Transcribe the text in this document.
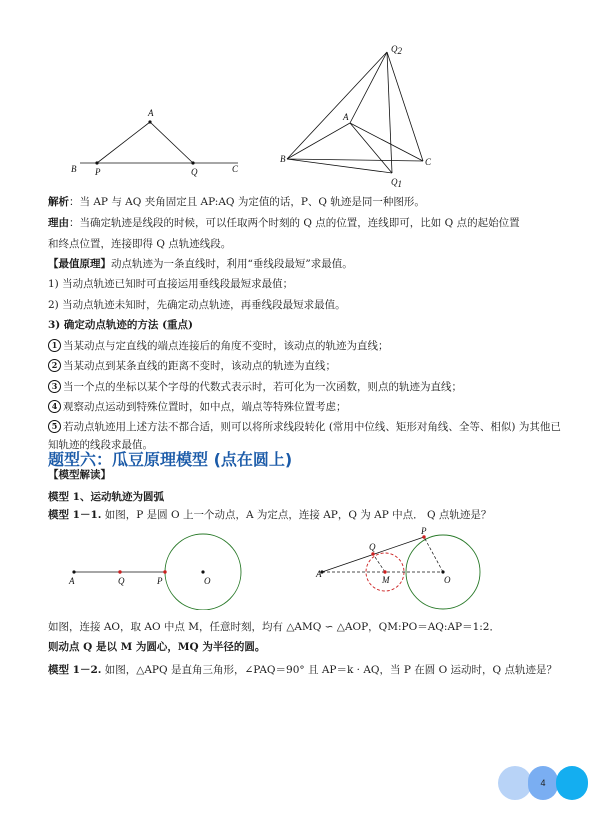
A
B	C
P	Q
Q2
A
B	C
Q1
解析：当 AP 与 AQ 夹角固定且 AP:AQ 为定值的话，P、Q 轨迹是同一种图形。
理由：当确定轨迹是线段的时候，可以任取两个时刻的 Q 点的位置，连线即可，比如 Q 点的起始位置
和终点位置，连接即得 Q 点轨迹线段。
【最值原理】动点轨迹为一条直线时，利用“垂线段最短”求最值。
1) 当动点轨迹已知时可直接运用垂线段最短求最值；
2) 当动点轨迹未知时，先确定动点轨迹，再垂线段最短求最值。
3) 确定动点轨迹的方法 (重点)
1 当某动点与定直线的端点连接后的角度不变时，该动点的轨迹为直线；
2 当某动点到某条直线的距离不变时，该动点的轨迹为直线；
3 当一个点的坐标以某个字母的代数式表示时，若可化为一次函数，则点的轨迹为直线；
4 观察动点运动到特殊位置时，如中点，端点等特殊位置考虑；
5 若动点轨迹用上述方法不都合适，则可以将所求线段转化 (常用中位线、矩形对角线、全等、相似) 为其他已
知轨迹的线段求最值。
题型六：瓜豆原理模型 (点在圆上)
【模型解读】
模型 1、运动轨迹为圆弧
模型 1－1. 如图，P 是圆 O 上一个动点，A 为定点，连接 AP，Q 为 AP 中点． Q 点轨迹是？
A	Q	P	O
A
Q
P
M	O
如图，连接 AO，取 AO 中点 M，任意时刻，均有 △AMQ ∽ △AOP，QM:PO＝AQ:AP＝1:2．
则动点 Q 是以 M 为圆心，MQ 为半径的圆。
模型 1－2. 如图，△APQ 是直角三角形，∠PAQ＝90° 且 AP＝k · AQ，当 P 在圆 O 运动时，Q 点轨迹是？
4
